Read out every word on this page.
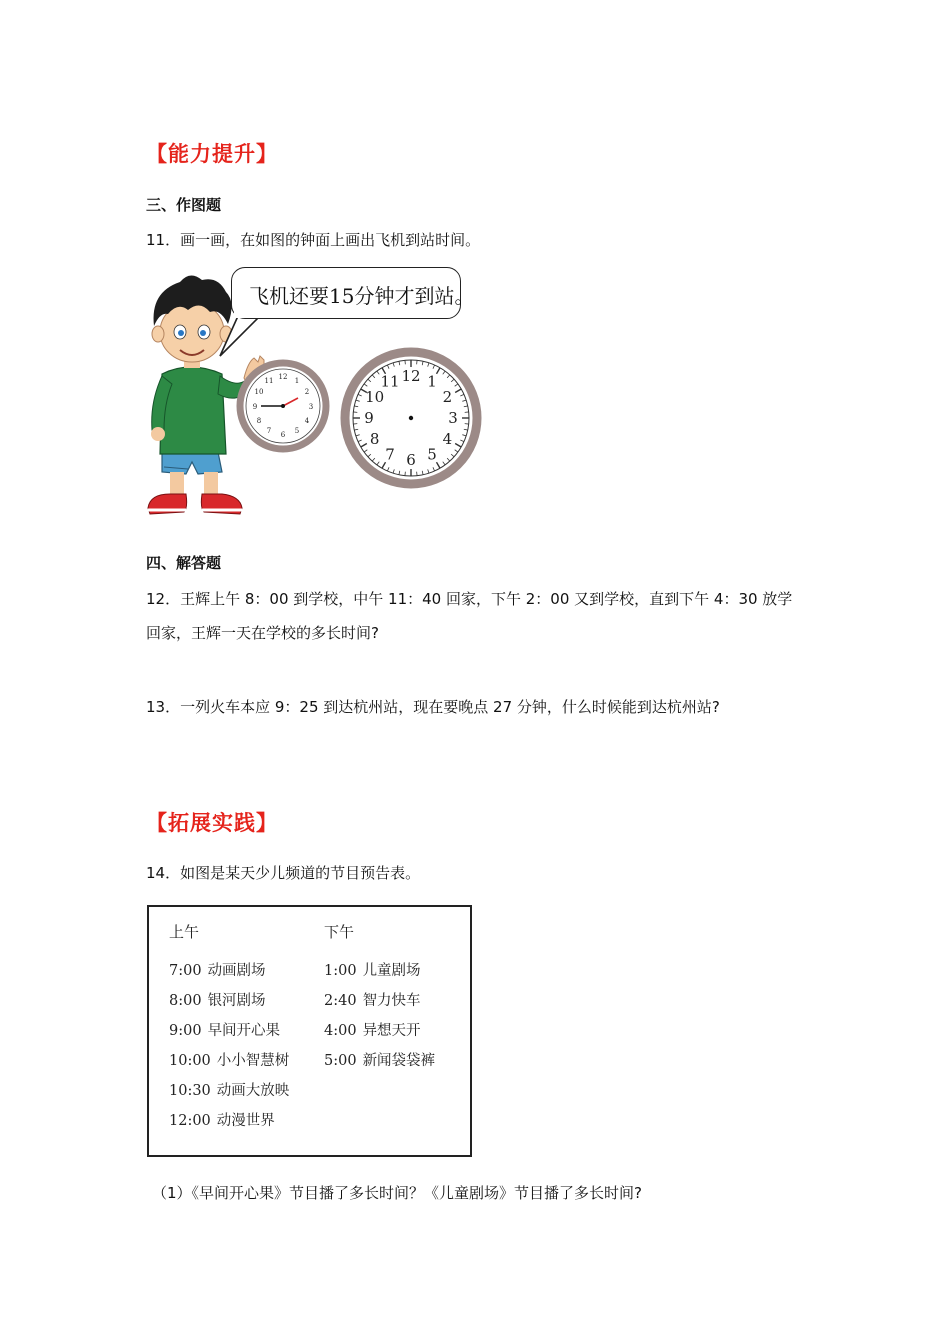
【能力提升】
三、作图题
11．画一画，在如图的钟面上画出飞机到站时间。
12 1
2
3
4
5
6
7
8
9
10
11
飞机还要15分钟才到站。
12 1
2
3
4
5
6
7
8
9
10
11
四、解答题
12．王辉上午 8：00 到学校，中午 11：40 回家，下午 2：00 又到学校，直到下午 4：30 放学回家，王辉一天在学校的多长时间?
13．一列火车本应 9：25 到达杭州站，现在要晚点 27 分钟，什么时候能到达杭州站?
【拓展实践】
14．如图是某天少儿频道的节目预告表。
上午
7:00 动画剧场
8:00 银河剧场
9:00 早间开心果
10:00 小小智慧树
10:30 动画大放映
12:00 动漫世界
下午
1:00 儿童剧场
2:40 智力快车
4:00 异想天开
5:00 新闻袋袋裤
（1）《早间开心果》节目播了多长时间？《儿童剧场》节目播了多长时间?
